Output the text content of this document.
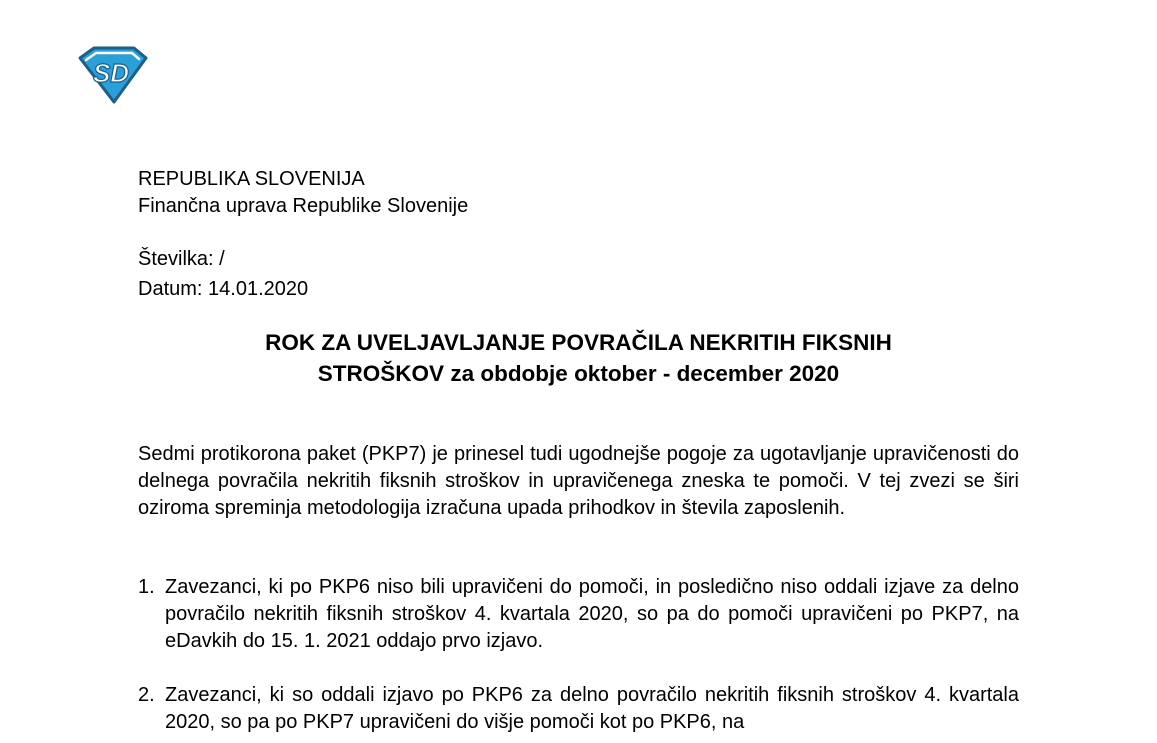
SD
REPUBLIKA SLOVENIJA
Finančna uprava Republike Slovenije
Številka: /
Datum: 14.01.2020
ROK ZA UVELJAVLJANJE POVRAČILA NEKRITIH FIKSNIH
STROŠKOV za obdobje oktober - december 2020
Sedmi protikorona paket (PKP7) je prinesel tudi ugodnejše pogoje za ugotavljanje upravičenosti do delnega povračila nekritih fiksnih stroškov in upravičenega zneska te pomoči. V tej zvezi se širi oziroma spreminja metodologija izračuna upada prihodkov in števila zaposlenih.
1. Zavezanci, ki po PKP6 niso bili upravičeni do pomoči, in posledično niso oddali izjave za delno povračilo nekritih fiksnih stroškov 4. kvartala 2020, so pa do pomoči upravičeni po PKP7, na eDavkih do 15. 1. 2021 oddajo prvo izjavo.
2. Zavezanci, ki so oddali izjavo po PKP6 za delno povračilo nekritih fiksnih stroškov 4. kvartala 2020, so pa po PKP7 upravičeni do višje pomoči kot po PKP6, na
